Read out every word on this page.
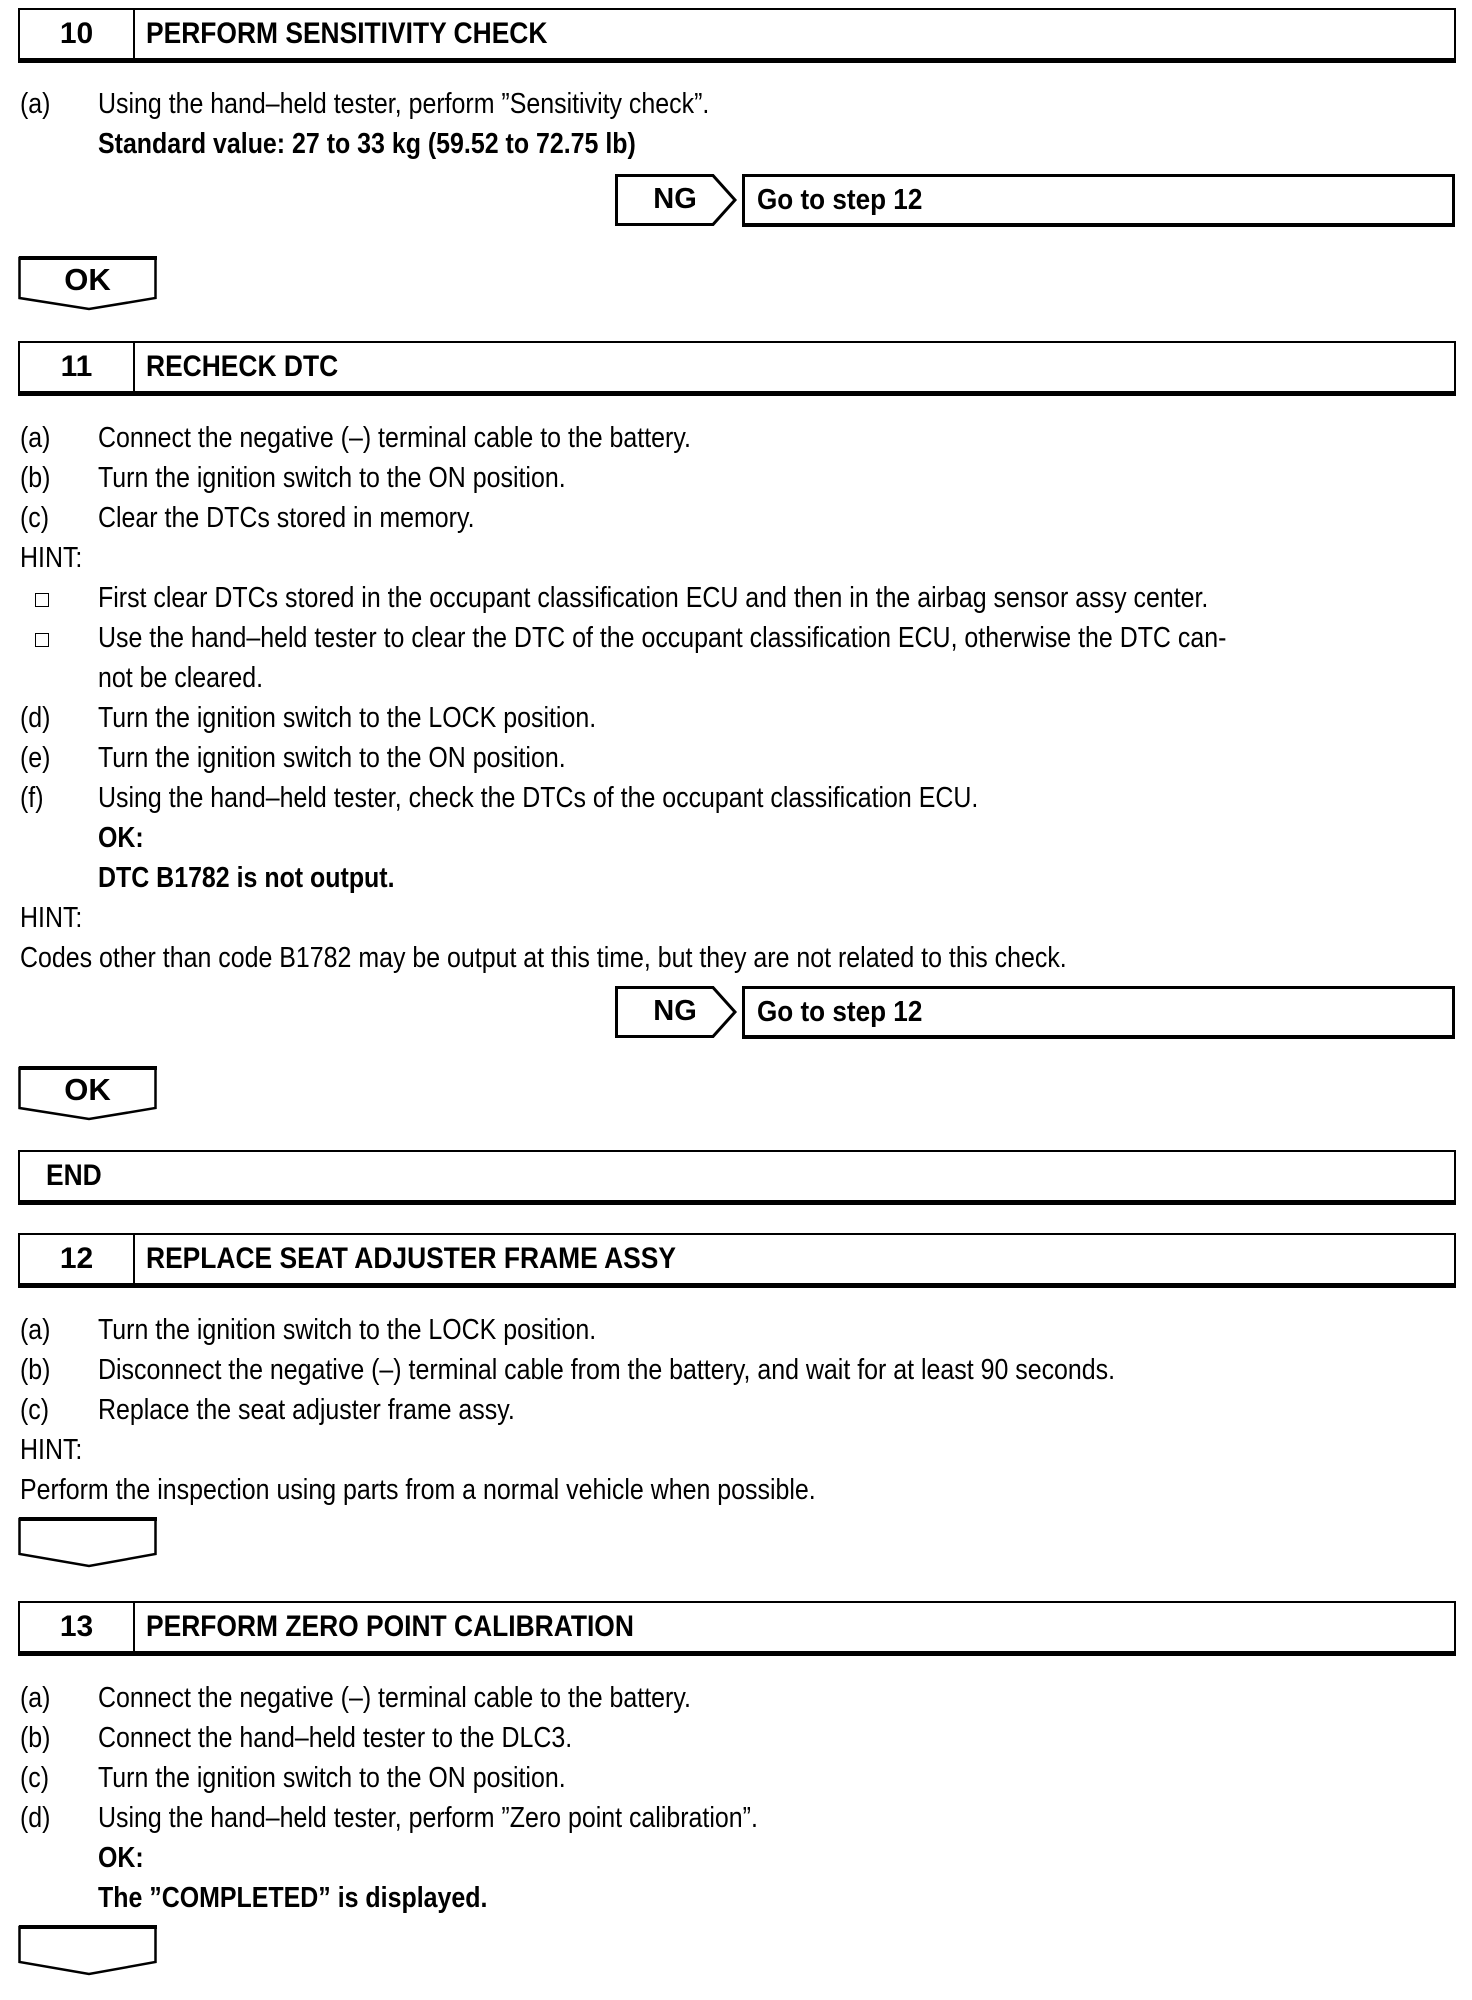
10	PERFORM SENSITIVITY CHECK
(a) Using the hand–held tester, perform ”Sensitivity check”.
Standard value: 27 to 33 kg (59.52 to 72.75 lb)
NG	Go to step 12
OK
11	RECHECK DTC
(a) Connect the negative (–) terminal cable to the battery.
(b) Turn the ignition switch to the ON position.
(c) Clear the DTCs stored in memory.
HINT:
First clear DTCs stored in the occupant classification ECU and then in the airbag sensor assy center.
Use the hand–held tester to clear the DTC of the occupant classification ECU, otherwise the DTC can-
not be cleared.
(d) Turn the ignition switch to the LOCK position.
(e) Turn the ignition switch to the ON position.
(f) Using the hand–held tester, check the DTCs of the occupant classification ECU.
OK:
DTC B1782 is not output.
HINT:
Codes other than code B1782 may be output at this time, but they are not related to this check.
NG	Go to step 12
OK
END
12	REPLACE SEAT ADJUSTER FRAME ASSY
(a) Turn the ignition switch to the LOCK position.
(b) Disconnect the negative (–) terminal cable from the battery, and wait for at least 90 seconds.
(c) Replace the seat adjuster frame assy.
HINT:
Perform the inspection using parts from a normal vehicle when possible.
13	PERFORM ZERO POINT CALIBRATION
(a) Connect the negative (–) terminal cable to the battery.
(b) Connect the hand–held tester to the DLC3.
(c) Turn the ignition switch to the ON position.
(d) Using the hand–held tester, perform ”Zero point calibration”.
OK:
The ”COMPLETED” is displayed.
